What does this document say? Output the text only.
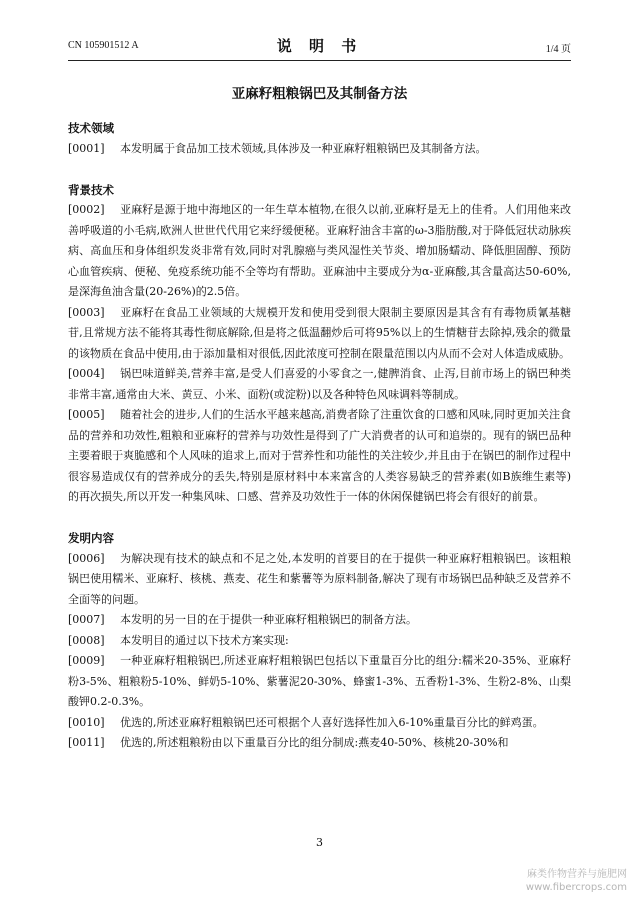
CN 105901512 A	说 明 书	1/4 页
亚麻籽粗粮锅巴及其制备方法
技术领域
[0001] 本发明属于食品加工技术领域,具体涉及一种亚麻籽粗粮锅巴及其制备方法。
背景技术
[0002] 亚麻籽是源于地中海地区的一年生草本植物,在很久以前,亚麻籽是无上的佳肴。人们用他来改善呼吸道的小毛病,欧洲人世世代代用它来纾缓便秘。亚麻籽油含丰富的ω-3脂肪酸,对于降低冠状动脉疾病、高血压和身体组织发炎非常有效,同时对乳腺癌与类风湿性关节炎、增加肠蠕动、降低胆固醇、预防心血管疾病、便秘、免疫系统功能不全等均有帮助。亚麻油中主要成分为α-亚麻酸,其含量高达50-60%,是深海鱼油含量(20-26%)的2.5倍。
[0003] 亚麻籽在食品工业领域的大规模开发和使用受到很大限制主要原因是其含有有毒物质氰基糖苷,且常规方法不能将其毒性彻底解除,但是将之低温翻炒后可将95%以上的生情糖苷去除掉,残余的微量的该物质在食品中使用,由于添加量相对很低,因此浓度可控制在限量范围以内从而不会对人体造成威胁。
[0004] 锅巴味道鲜美,营养丰富,是受人们喜爱的小零食之一,健脾消食、止泻,目前市场上的锅巴种类非常丰富,通常由大米、黄豆、小米、面粉(或淀粉)以及各种特色风味调料等制成。
[0005] 随着社会的进步,人们的生活水平越来越高,消费者除了注重饮食的口感和风味,同时更加关注食品的营养和功效性,粗粮和亚麻籽的营养与功效性是得到了广大消费者的认可和追崇的。现有的锅巴品种主要着眼于爽脆感和个人风味的追求上,而对于营养性和功能性的关注较少,并且由于在锅巴的制作过程中很容易造成仅有的营养成分的丢失,特别是原材料中本来富含的人类容易缺乏的营养素(如B族维生素等)的再次损失,所以开发一种集风味、口感、营养及功效性于一体的休闲保健锅巴将会有很好的前景。
发明内容
[0006] 为解决现有技术的缺点和不足之处,本发明的首要目的在于提供一种亚麻籽粗粮锅巴。该粗粮锅巴使用糯米、亚麻籽、核桃、燕麦、花生和紫薯等为原料制备,解决了现有市场锅巴品种缺乏及营养不全面等的问题。
[0007] 本发明的另一目的在于提供一种亚麻籽粗粮锅巴的制备方法。
[0008] 本发明目的通过以下技术方案实现:
[0009] 一种亚麻籽粗粮锅巴,所述亚麻籽粗粮锅巴包括以下重量百分比的组分:糯米20-35%、亚麻籽粉3-5%、粗粮粉5-10%、鲜奶5-10%、紫薯泥20-30%、蜂蜜1-3%、五香粉1-3%、生粉2-8%、山梨酸钾0.2-0.3%。
[0010] 优选的,所述亚麻籽粗粮锅巴还可根据个人喜好选择性加入6-10%重量百分比的鲜鸡蛋。
[0011] 优选的,所述粗粮粉由以下重量百分比的组分制成:燕麦40-50%、核桃20-30%和
3
麻类作物营养与施肥网
www.fibercrops.com
